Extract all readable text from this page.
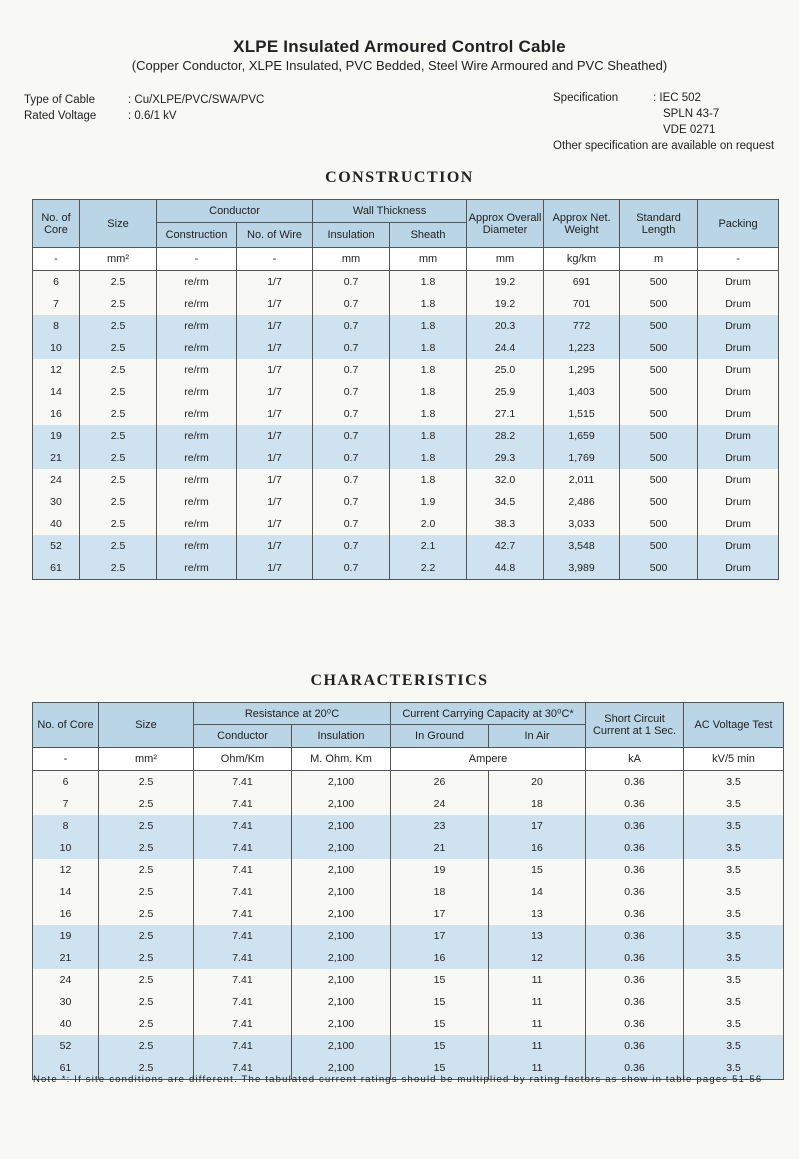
XLPE Insulated Armoured Control Cable
(Copper Conductor, XLPE Insulated, PVC Bedded, Steel Wire Armoured and PVC Sheathed)
Type of Cable	: Cu/XLPE/PVC/SWA/PVC
Rated Voltage	: 0.6/1 kV
Specification	: IEC 502
SPLN 43-7
VDE 0271
Other specification are available on request
CONSTRUCTION
No. of Core	Size	Conductor		Wall Thickness		Approx Overall Diameter	Approx Net. Weight	Standard Length	Packing
		Construction	No. of Wire	Insulation	Sheath				
-	mm²	-	-	mm	mm	mm	kg/km	m	-
6	2.5	re/rm	1/7	0.7	1.8	19.2	691	500	Drum
7	2.5	re/rm	1/7	0.7	1.8	19.2	701	500	Drum
8	2.5	re/rm	1/7	0.7	1.8	20.3	772	500	Drum
10	2.5	re/rm	1/7	0.7	1.8	24.4	1,223	500	Drum
12	2.5	re/rm	1/7	0.7	1.8	25.0	1,295	500	Drum
14	2.5	re/rm	1/7	0.7	1.8	25.9	1,403	500	Drum
16	2.5	re/rm	1/7	0.7	1.8	27.1	1,515	500	Drum
19	2.5	re/rm	1/7	0.7	1.8	28.2	1,659	500	Drum
21	2.5	re/rm	1/7	0.7	1.8	29.3	1,769	500	Drum
24	2.5	re/rm	1/7	0.7	1.8	32.0	2,011	500	Drum
30	2.5	re/rm	1/7	0.7	1.9	34.5	2,486	500	Drum
40	2.5	re/rm	1/7	0.7	2.0	38.3	3,033	500	Drum
52	2.5	re/rm	1/7	0.7	2.1	42.7	3,548	500	Drum
61	2.5	re/rm	1/7	0.7	2.2	44.8	3,989	500	Drum
CHARACTERISTICS
No. of Core	Size	Resistance at 20⁰C		Current Carrying Capacity at 30⁰C*		Short Circuit Current at 1 Sec.	AC Voltage Test
		Conductor	Insulation	In Ground	In Air		
-	mm²	Ohm/Km	M. Ohm. Km	Ampere		kA	kV/5 min
6	2.5	7.41	2,100	26	20	0.36	3.5
7	2.5	7.41	2,100	24	18	0.36	3.5
8	2.5	7.41	2,100	23	17	0.36	3.5
10	2.5	7.41	2,100	21	16	0.36	3.5
12	2.5	7.41	2,100	19	15	0.36	3.5
14	2.5	7.41	2,100	18	14	0.36	3.5
16	2.5	7.41	2,100	17	13	0.36	3.5
19	2.5	7.41	2,100	17	13	0.36	3.5
21	2.5	7.41	2,100	16	12	0.36	3.5
24	2.5	7.41	2,100	15	11	0.36	3.5
30	2.5	7.41	2,100	15	11	0.36	3.5
40	2.5	7.41	2,100	15	11	0.36	3.5
52	2.5	7.41	2,100	15	11	0.36	3.5
61	2.5	7.41	2,100	15	11	0.36	3.5
Note *: If site conditions are different. The tabulated current ratings should be multiplied by rating factors as show in table pages 51-56
